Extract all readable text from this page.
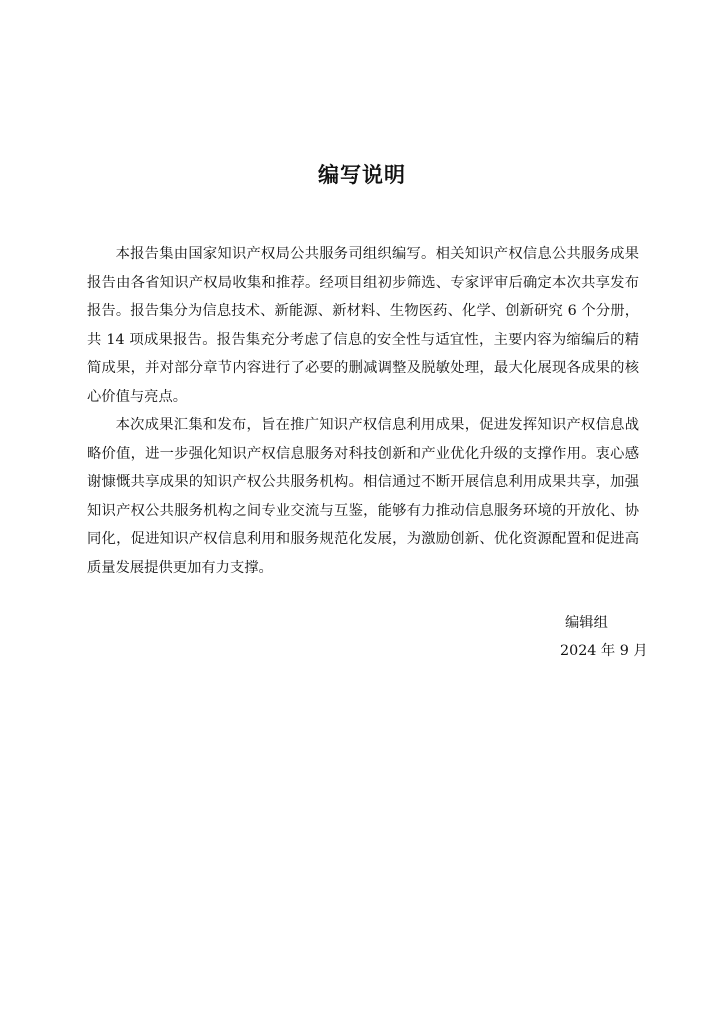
编写说明

本报告集由国家知识产权局公共服务司组织编写。相关知识产权信息公共服务成果报告由各省知识产权局收集和推荐。经项目组初步筛选、专家评审后确定本次共享发布报告。报告集分为信息技术、新能源、新材料、生物医药、化学、创新研究 6 个分册，共 14 项成果报告。报告集充分考虑了信息的安全性与适宜性，主要内容为缩编后的精简成果，并对部分章节内容进行了必要的删减调整及脱敏处理，最大化展现各成果的核心价值与亮点。

本次成果汇集和发布，旨在推广知识产权信息利用成果，促进发挥知识产权信息战略价值，进一步强化知识产权信息服务对科技创新和产业优化升级的支撑作用。衷心感谢慷慨共享成果的知识产权公共服务机构。相信通过不断开展信息利用成果共享，加强知识产权公共服务机构之间专业交流与互鉴，能够有力推动信息服务环境的开放化、协同化，促进知识产权信息利用和服务规范化发展，为激励创新、优化资源配置和促进高质量发展提供更加有力支撑。

编辑组
2024 年 9 月
